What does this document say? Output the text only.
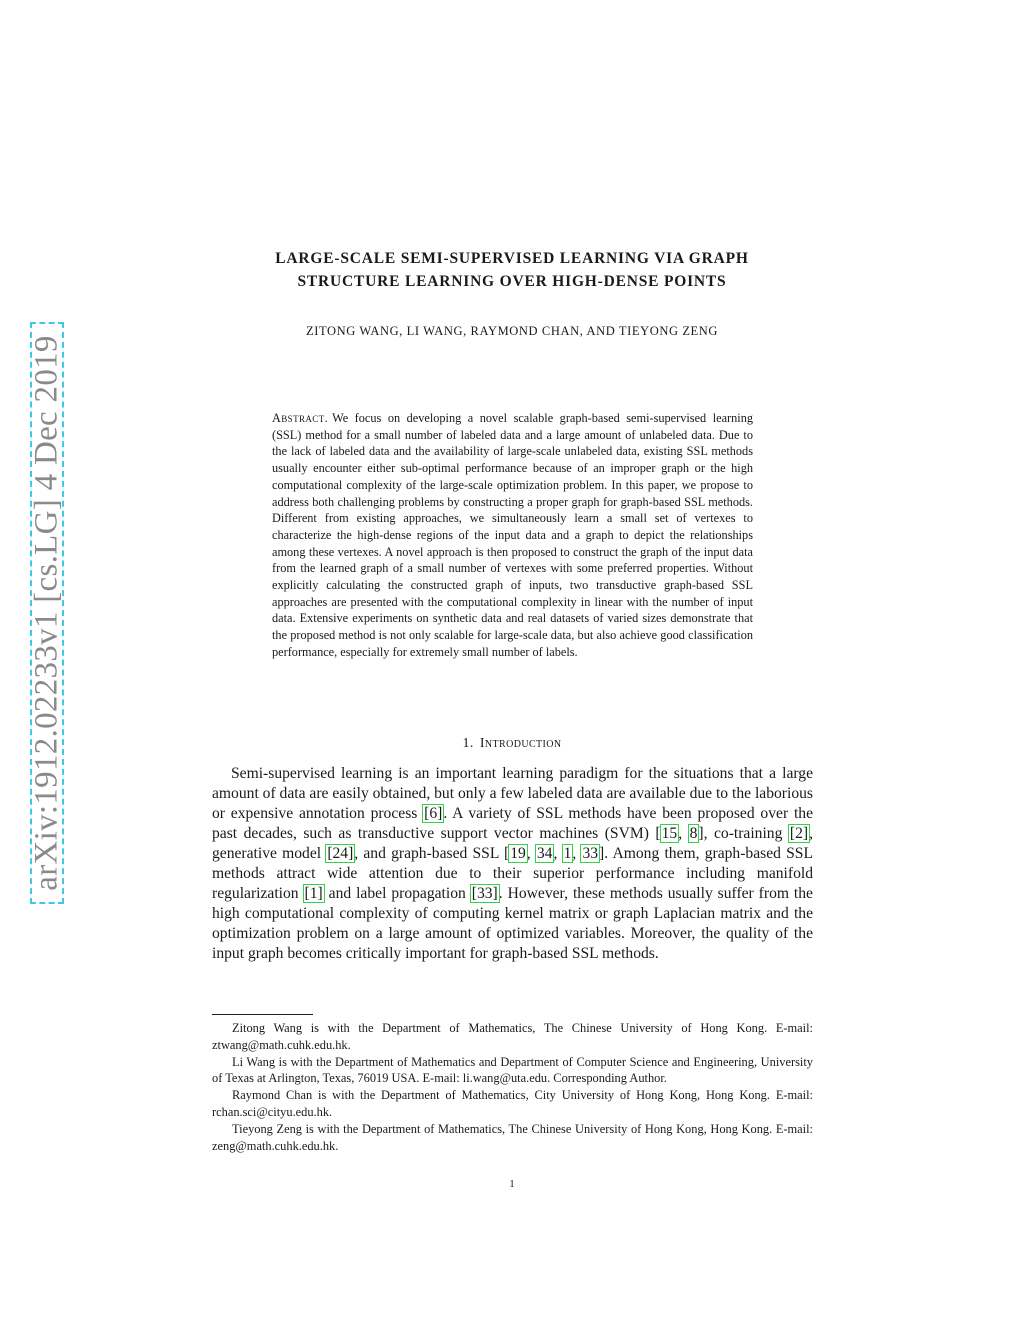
arXiv:1912.02233v1 [cs.LG] 4 Dec 2019
LARGE-SCALE SEMI-SUPERVISED LEARNING VIA GRAPH
STRUCTURE LEARNING OVER HIGH-DENSE POINTS
ZITONG WANG, LI WANG, RAYMOND CHAN, AND TIEYONG ZENG
Abstract. We focus on developing a novel scalable graph-based semi-supervised learning (SSL) method for a small number of labeled data and a large amount of unlabeled data. Due to the lack of labeled data and the availability of large-scale unlabeled data, existing SSL methods usually encounter either sub-optimal performance because of an improper graph or the high computational complexity of the large-scale optimization problem. In this paper, we propose to address both challenging problems by constructing a proper graph for graph-based SSL methods. Different from existing approaches, we simultaneously learn a small set of vertexes to characterize the high-dense regions of the input data and a graph to depict the relationships among these vertexes. A novel approach is then proposed to construct the graph of the input data from the learned graph of a small number of vertexes with some preferred properties. Without explicitly calculating the constructed graph of inputs, two transductive graph-based SSL approaches are presented with the computational complexity in linear with the number of input data. Extensive experiments on synthetic data and real datasets of varied sizes demonstrate that the proposed method is not only scalable for large-scale data, but also achieve good classification performance, especially for extremely small number of labels.
1. Introduction

Semi-supervised learning is an important learning paradigm for the situations that a large amount of data are easily obtained, but only a few labeled data are available due to the laborious or expensive annotation process [6]. A variety of SSL methods have been proposed over the past decades, such as transductive support vector machines (SVM) [15, 8], co-training [2], generative model [24], and graph-based SSL [19, 34, 1, 33]. Among them, graph-based SSL methods attract wide attention due to their superior performance including manifold regularization [1] and label propagation [33]. However, these methods usually suffer from the high computational complexity of computing kernel matrix or graph Laplacian matrix and the optimization problem on a large amount of optimized variables. Moreover, the quality of the input graph becomes critically important for graph-based SSL methods.

Zitong Wang is with the Department of Mathematics, The Chinese University of Hong Kong. E-mail: ztwang@math.cuhk.edu.hk.

Li Wang is with the Department of Mathematics and Department of Computer Science and Engineering, University of Texas at Arlington, Texas, 76019 USA. E-mail: li.wang@uta.edu. Corresponding Author.

Raymond Chan is with the Department of Mathematics, City University of Hong Kong, Hong Kong. E-mail: rchan.sci@cityu.edu.hk.

Tieyong Zeng is with the Department of Mathematics, The Chinese University of Hong Kong, Hong Kong. E-mail: zeng@math.cuhk.edu.hk.

1
